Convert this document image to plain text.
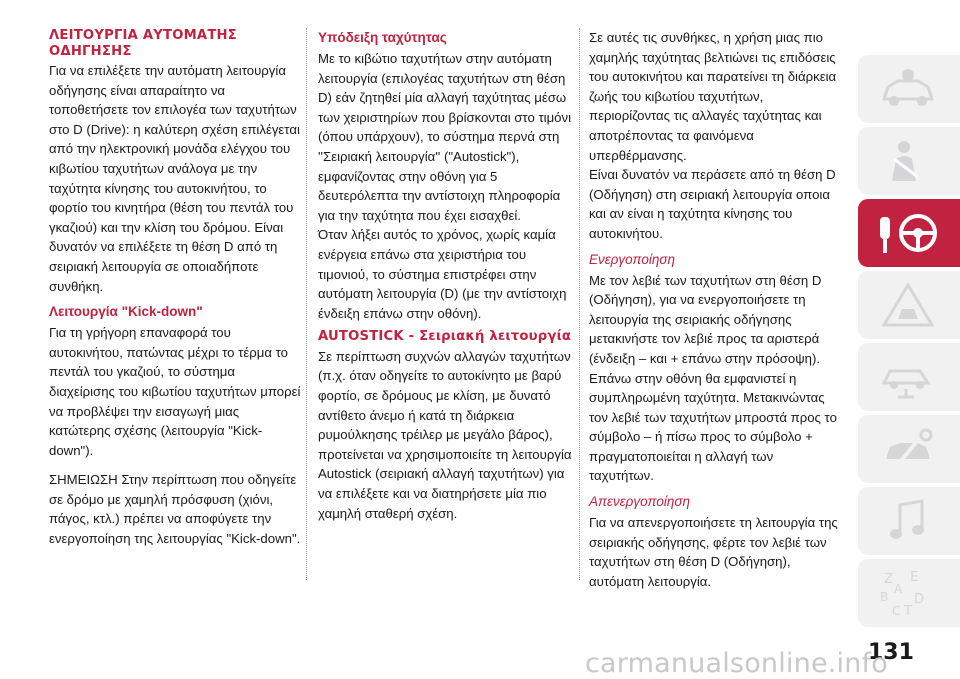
ΛΕΙΤΟΥΡΓΙΑ ΑΥΤΟΜΑΤΗΣ ΟΔΗΓΗΣΗΣ

Για να επιλέξετε την αυτόματη λειτουργία οδήγησης είναι απαραίτητο να τοποθετήσετε τον επιλογέα των ταχυτήτων στο D (Drive): η καλύτερη σχέση επιλέγεται από την ηλεκτρονική μονάδα ελέγχου του κιβωτίου ταχυτήτων ανάλογα με την ταχύτητα κίνησης του αυτοκινήτου, το φορτίο του κινητήρα (θέση του πεντάλ του γκαζιού) και την κλίση του δρόμου. Είναι δυνατόν να επιλέξετε τη θέση D από τη σειριακή λειτουργία σε οποιαδήποτε συνθήκη.

Λειτουργία "Kick-down"

Για τη γρήγορη επαναφορά του αυτοκινήτου, πατώντας μέχρι το τέρμα το πεντάλ του γκαζιού, το σύστημα διαχείρισης του κιβωτίου ταχυτήτων μπορεί να προβλέψει την εισαγωγή μιας κατώτερης σχέσης (λειτουργία "Kick-down").

ΣΗΜΕΙΩΣΗ Στην περίπτωση που οδηγείτε σε δρόμο με χαμηλή πρόσφυση (χιόνι, πάγος, κτλ.) πρέπει να αποφύγετε την ενεργοποίηση της λειτουργίας "Kick-down".

Υπόδειξη ταχύτητας

Με το κιβώτιο ταχυτήτων στην αυτόματη λειτουργία (επιλογέας ταχυτήτων στη θέση D) εάν ζητηθεί μία αλλαγή ταχύτητας μέσω των χειριστηρίων που βρίσκονται στο τιμόνι (όπου υπάρχουν), το σύστημα περνά στη ''Σειριακή λειτουργία'' ("Autostick"), εμφανίζοντας στην οθόνη για 5 δευτερόλεπτα την αντίστοιχη πληροφορία για την ταχύτητα που έχει εισαχθεί.

Όταν λήξει αυτός το χρόνος, χωρίς καμία ενέργεια επάνω στα χειριστήρια του τιμονιού, το σύστημα επιστρέφει στην αυτόματη λειτουργία (D) (με την αντίστοιχη ένδειξη επάνω στην οθόνη).

AUTOSTICK - Σειριακή λειτουργία

Σε περίπτωση συχνών αλλαγών ταχυτήτων (π.χ. όταν οδηγείτε το αυτοκίνητο με βαρύ φορτίο, σε δρόμους με κλίση, με δυνατό αντίθετο άνεμο ή κατά τη διάρκεια ρυμούλκησης τρέιλερ με μεγάλο βάρος), προτείνεται να χρησιμοποιείτε τη λειτουργία Autostick (σειριακή αλλαγή ταχυτήτων) για να επιλέξετε και να διατηρήσετε μία πιο χαμηλή σταθερή σχέση.

Σε αυτές τις συνθήκες, η χρήση μιας πιο χαμηλής ταχύτητας βελτιώνει τις επιδόσεις του αυτοκινήτου και παρατείνει τη διάρκεια ζωής του κιβωτίου ταχυτήτων, περιορίζοντας τις αλλαγές ταχύτητας και αποτρέποντας τα φαινόμενα υπερθέρμανσης.

Είναι δυνατόν να περάσετε από τη θέση D (Οδήγηση) στη σειριακή λειτουργία οποια και αν είναι η ταχύτητα κίνησης του αυτοκινήτου.

Ενεργοποίηση

Με τον λεβιέ των ταχυτήτων στη θέση D (Οδήγηση), για να ενεργοποιήσετε τη λειτουργία της σειριακής οδήγησης μετακινήστε τον λεβιέ προς τα αριστερά (ένδειξη – και + επάνω στην πρόσοψη). Επάνω στην οθόνη θα εμφανιστεί η συμπληρωμένη ταχύτητα. Μετακινώντας τον λεβιέ των ταχυτήτων μπροστά προς το σύμβολο – ή πίσω προς το σύμβολο + πραγματοποιείται η αλλαγή των ταχυτήτων.

Απενεργοποίηση

Για να απενεργοποιήσετε τη λειτουργία της σειριακής οδήγησης, φέρτε τον λεβιέ των ταχυτήτων στη θέση D (Οδήγηση), αυτόματη λειτουργία.	Z E
A
B D
C T
131
carmanualsonline.info
